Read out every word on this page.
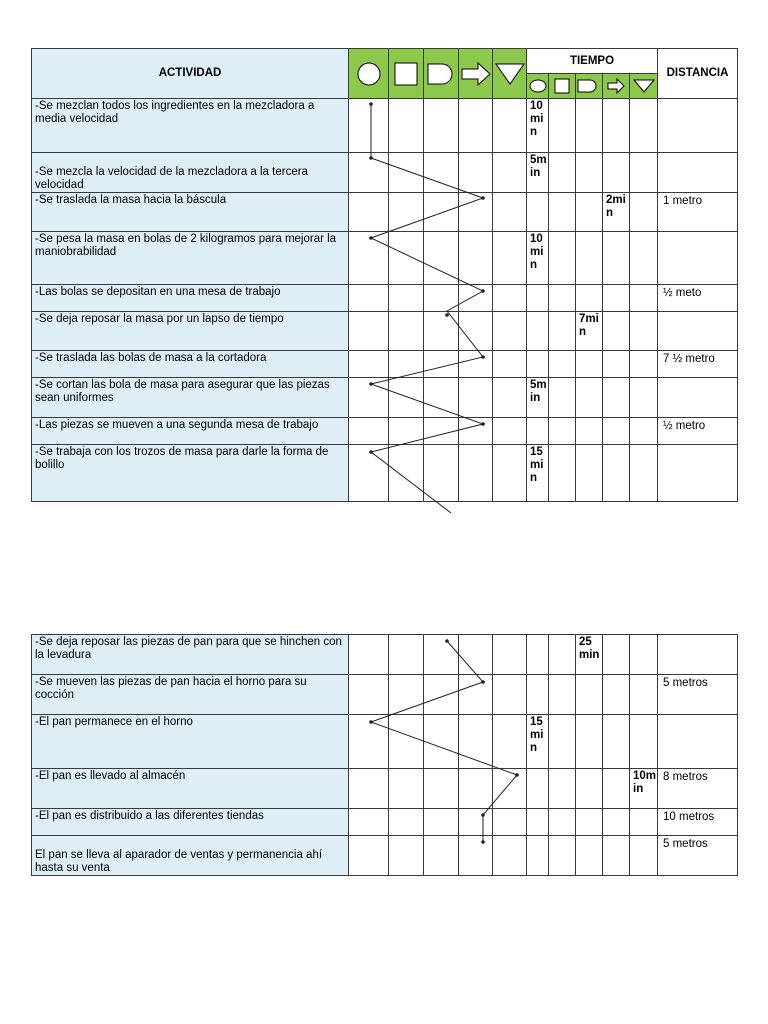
ACTIVIDAD						TIEMPO					DISTANCIA

-Se mezclan todos los ingredientes en la mezcladora a media velocidad						10min					
-Se mezcla la velocidad de la mezcladora a la tercera velocidad						5min					
-Se traslada la masa hacia la báscula									2min		1 metro
-Se pesa la masa en bolas de 2 kilogramos para mejorar la maniobrabilidad						10min					
-Las bolas se depositan en una mesa de trabajo											½ meto
-Se deja reposar la masa por un lapso de tiempo								7min			
-Se traslada las bolas de masa a la cortadora											7 ½ metro
-Se cortan las bola de masa para asegurar que las piezas sean uniformes						5min					
-Las piezas se mueven a una segunda mesa de trabajo											½ metro
-Se trabaja con los trozos de masa para darle la forma de bolillo						15min					
-Se deja reposar las piezas de pan para que se hinchen con la levadura								25min			
-Se mueven las piezas de pan hacia el horno para su cocción											5 metros
-El pan permanece en el horno						15min					
-El pan es llevado al almacén										10min	8 metros
-El pan es distribuido a las diferentes tiendas											10 metros
El pan se lleva al aparador de ventas y permanencia ahí hasta su venta											5 metros
